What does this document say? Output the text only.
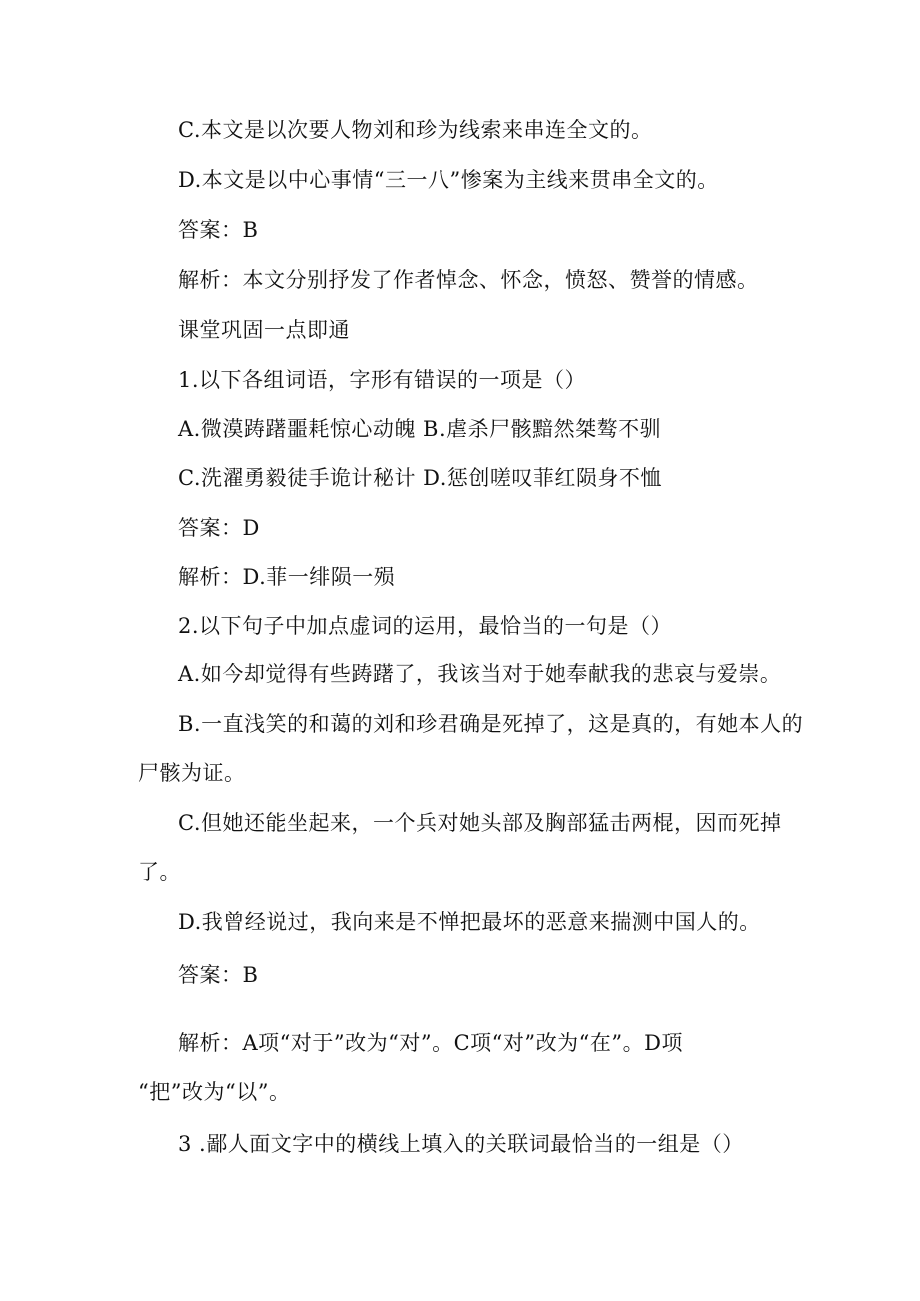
C.本文是以次要人物刘和珍为线索来串连全文的。
D.本文是以中心事情“三一八”惨案为主线来贯串全文的。
答案：B
解析：本文分别抒发了作者悼念、怀念，愤怒、赞誉的情感。
课堂巩固一点即通
1.以下各组词语，字形有错误的一项是（）
A.微漠踌躇噩耗惊心动魄 B.虐杀尸骸黯然桀骜不驯
C.洗濯勇毅徒手诡计秘计 D.惩创嗟叹菲红陨身不恤
答案：D
解析：D.菲一绯陨一殒
2.以下句子中加点虚词的运用，最恰当的一句是（）
A.如今却觉得有些踌躇了，我该当对于她奉献我的悲哀与爱崇。
B.一直浅笑的和蔼的刘和珍君确是死掉了，这是真的，有她本人的
尸骸为证。
C.但她还能坐起来，一个兵对她头部及胸部猛击两棍，因而死掉
了。
D.我曾经说过，我向来是不惮把最坏的恶意来揣测中国人的。
答案：B
解析：A项“对于”改为“对”。C项“对”改为“在”。D项
“把”改为“以”。
3 .鄙人面文字中的横线上填入的关联词最恰当的一组是（）
